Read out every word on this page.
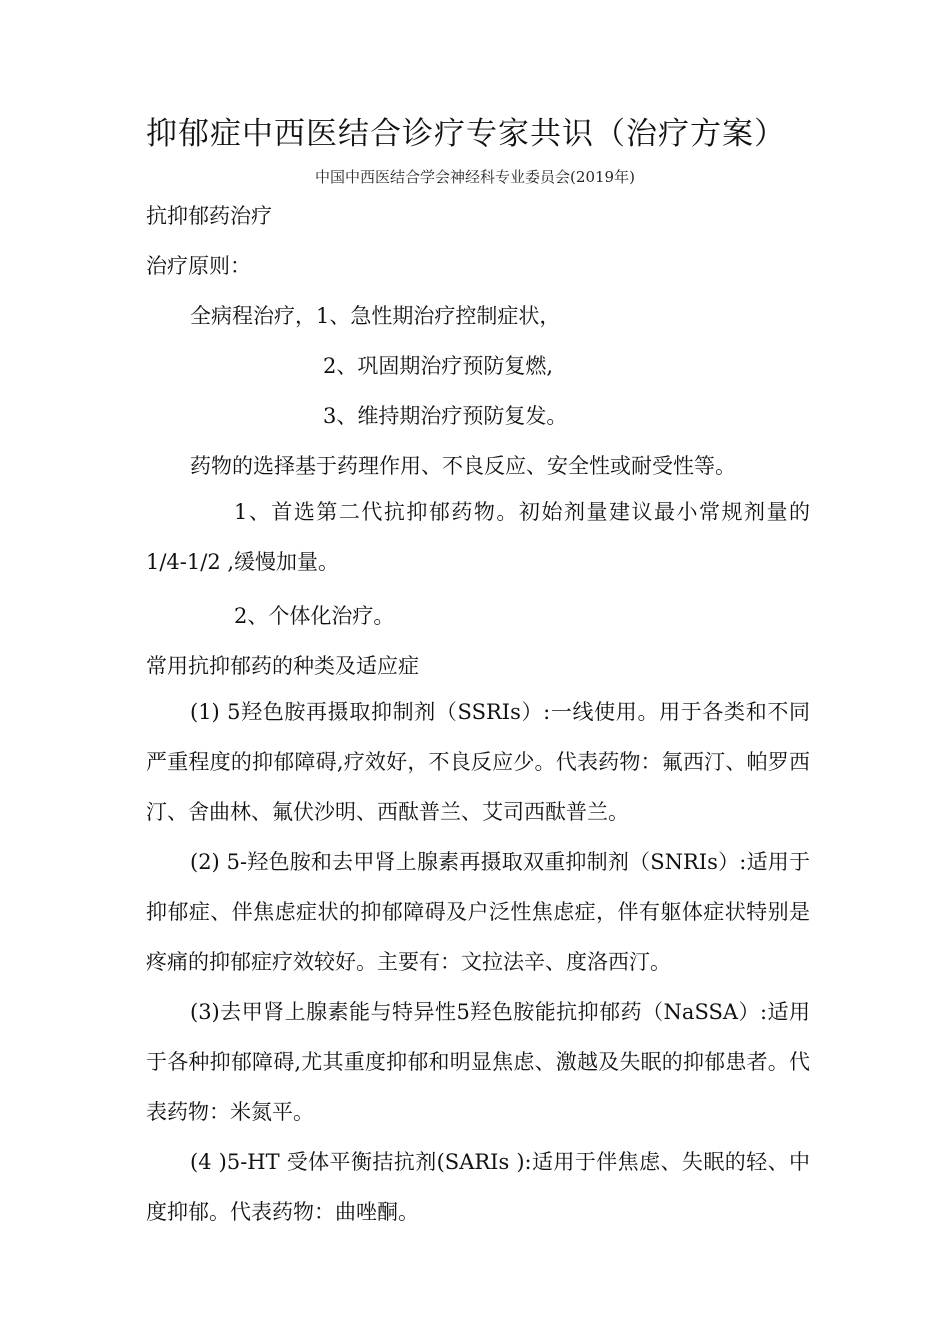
抑郁症中西医结合诊疗专家共识（治疗方案）
中国中西医结合学会神经科专业委员会(2019年)
抗抑郁药治疗
治疗原则：
全病程治疗，1、急性期治疗控制症状，
2、巩固期治疗预防复燃,
3、维持期治疗预防复发。
药物的选择基于药理作用、不良反应、安全性或耐受性等。
1、首选第二代抗抑郁药物。初始剂量建议最小常规剂量的1/4-1/2 ,缓慢加量。
2、个体化治疗。
常用抗抑郁药的种类及适应症
(1) 5羟色胺再摄取抑制剂（SSRIs）:一线使用。用于各类和不同严重程度的抑郁障碍,疗效好，不良反应少。代表药物：氟西汀、帕罗西汀、舍曲林、氟伏沙明、西酞普兰、艾司西酞普兰。
(2) 5-羟色胺和去甲肾上腺素再摄取双重抑制剂（SNRIs）:适用于抑郁症、伴焦虑症状的抑郁障碍及户泛性焦虑症，伴有躯体症状特别是疼痛的抑郁症疗效较好。主要有：文拉法辛、度洛西汀。
(3)去甲肾上腺素能与特异性5羟色胺能抗抑郁药（NaSSA）:适用于各种抑郁障碍,尤其重度抑郁和明显焦虑、激越及失眠的抑郁患者。代表药物：米氮平。
(4 )5-HT 受体平衡拮抗剂(SARIs ):适用于伴焦虑、失眠的轻、中度抑郁。代表药物：曲唑酮。
